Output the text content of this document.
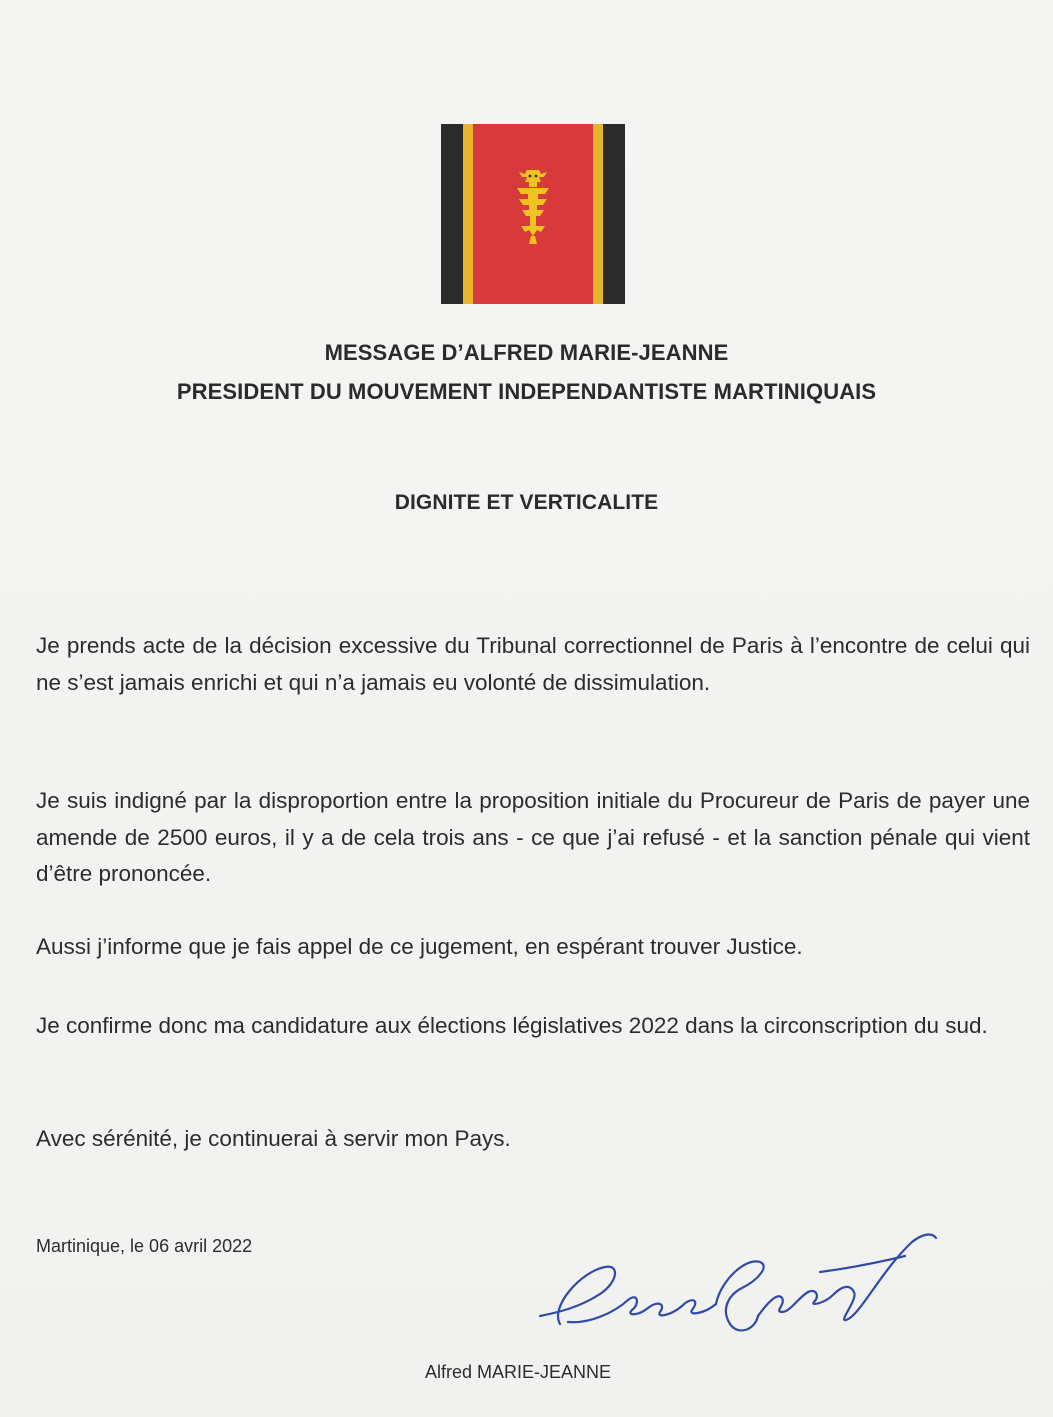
MESSAGE D’ALFRED MARIE-JEANNE
PRESIDENT DU MOUVEMENT INDEPENDANTISTE MARTINIQUAIS
DIGNITE ET VERTICALITE
Je prends acte de la décision excessive du Tribunal correctionnel de Paris à l’encontre de celui qui ne s’est jamais enrichi et qui n’a jamais eu volonté de dissimulation.
Je suis indigné par la disproportion entre la proposition initiale du Procureur de Paris de payer une amende de 2500 euros, il y a de cela trois ans - ce que j’ai refusé - et la sanction pénale qui vient d’être prononcée.
Aussi j’informe que je fais appel de ce jugement, en espérant trouver Justice.
Je confirme donc ma candidature aux élections législatives 2022 dans la circonscription du sud.
Avec sérénité, je continuerai à servir mon Pays.
Martinique, le 06 avril 2022
Alfred MARIE-JEANNE
